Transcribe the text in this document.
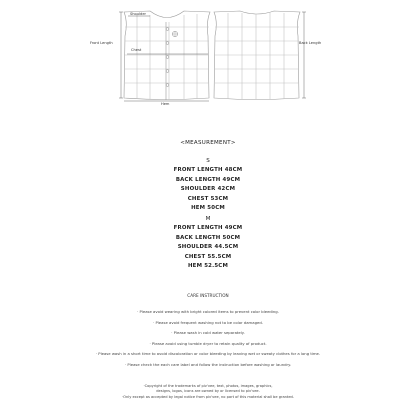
Shoulder
Front Length
Chest
Hem
Back Length
<MEASUREMENT>
S
FRONT LENGTH 48CM
BACK LENGTH 49CM
SHOULDER 42CM
CHEST 53CM
HEM 50CM
M
FRONT LENGTH 49CM
BACK LENGTH 50CM
SHOULDER 44.5CM
CHEST 55.5CM
HEM 52.5CM
CARE INSTRUCTION
· Please avoid wearing with bright colored items to prevent color bleeding.
· Please avoid frequent washing not to be color damaged.
· Please wash in cold water separately.
· Please avoid using tumble dryer to retain quality of product.
· Please wash in a short time to avoid discoloration or color bleeding by leaving wet or sweaty clothes for a long time.
· Please check the each care label and follow the instruction before washing or laundry.
·Copyright of the trademarks of piv'vee, text, photos, images, graphics,
designs, logos, icons are owned by or licensed to piv'vee.
·Only except as accepted by legal notice from piv'vee, no part of this material shall be granted.
